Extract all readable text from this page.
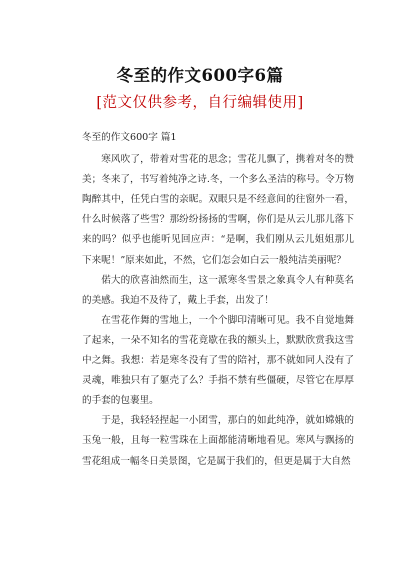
冬至的作文600字6篇
[范文仅供参考，自行编辑使用]
冬至的作文600字 篇1

寒风吹了，带着对雪花的思念；雪花儿飘了，携着对冬的赞美；冬来了，书写着纯净之诗.冬，一个多么圣洁的称号。令万物陶醉其中，任凭白雪的亲昵。双眼只是不经意间的往窗外一看，什么时候落了些雪？那纷纷扬扬的雪啊，你们是从云儿那儿落下来的吗？似乎也能听见回应声：“是啊，我们刚从云儿姐姐那儿下来呢！”原来如此，不然，它们怎会如白云一般纯洁美丽呢？

偌大的欣喜油然而生，这一派寒冬雪景之象真令人有种莫名的美感。我迫不及待了，戴上手套，出发了！

在雪花作舞的雪地上，一个个脚印清晰可见。我不自觉地舞了起来，一朵不知名的雪花竟歇在我的额头上，默默欣赏我这雪中之舞。我想：若是寒冬没有了雪的陪衬，那不就如同人没有了灵魂，唯独只有了躯壳了么？手指不禁有些僵硬，尽管它在厚厚的手套的包裹里。

于是，我轻轻捏起一小团雪，那白的如此纯净，就如嫦娥的玉兔一般，且每一粒雪珠在上面都能清晰地看见。寒风与飘扬的雪花组成一幅冬日美景图，它是属于我们的，但更是属于大自然
